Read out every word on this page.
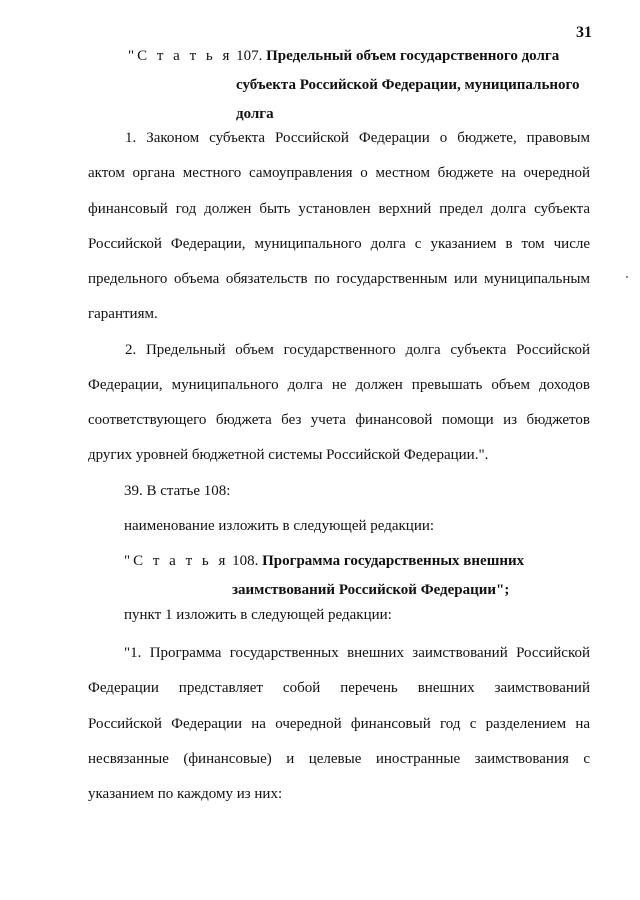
31
"С т а т ь я 107. Предельный объем государственного долга
субъекта Российской Федерации, муниципального
долга
1. Законом субъекта Российской Федерации о бюджете, правовым
актом органа местного самоуправления о местном бюджете на очередной
финансовый год должен быть установлен верхний предел долга субъекта
Российской Федерации, муниципального долга с указанием в том числе
предельного объема обязательств по государственным или муниципальным
гарантиям.
2. Предельный объем государственного долга субъекта Российской
Федерации, муниципального долга не должен превышать объем доходов
соответствующего бюджета без учета финансовой помощи из бюджетов
других уровней бюджетной системы Российской Федерации.".
39. В статье 108:
наименование изложить в следующей редакции:
"С т а т ь я 108. Программа государственных внешних
заимствований Российской Федерации";
пункт 1 изложить в следующей редакции:
"1. Программа государственных внешних заимствований Российской
Федерации представляет собой перечень внешних заимствований
Российской Федерации на очередной финансовый год с разделением на
несвязанные (финансовые) и целевые иностранные заимствования с
указанием по каждому из них:
